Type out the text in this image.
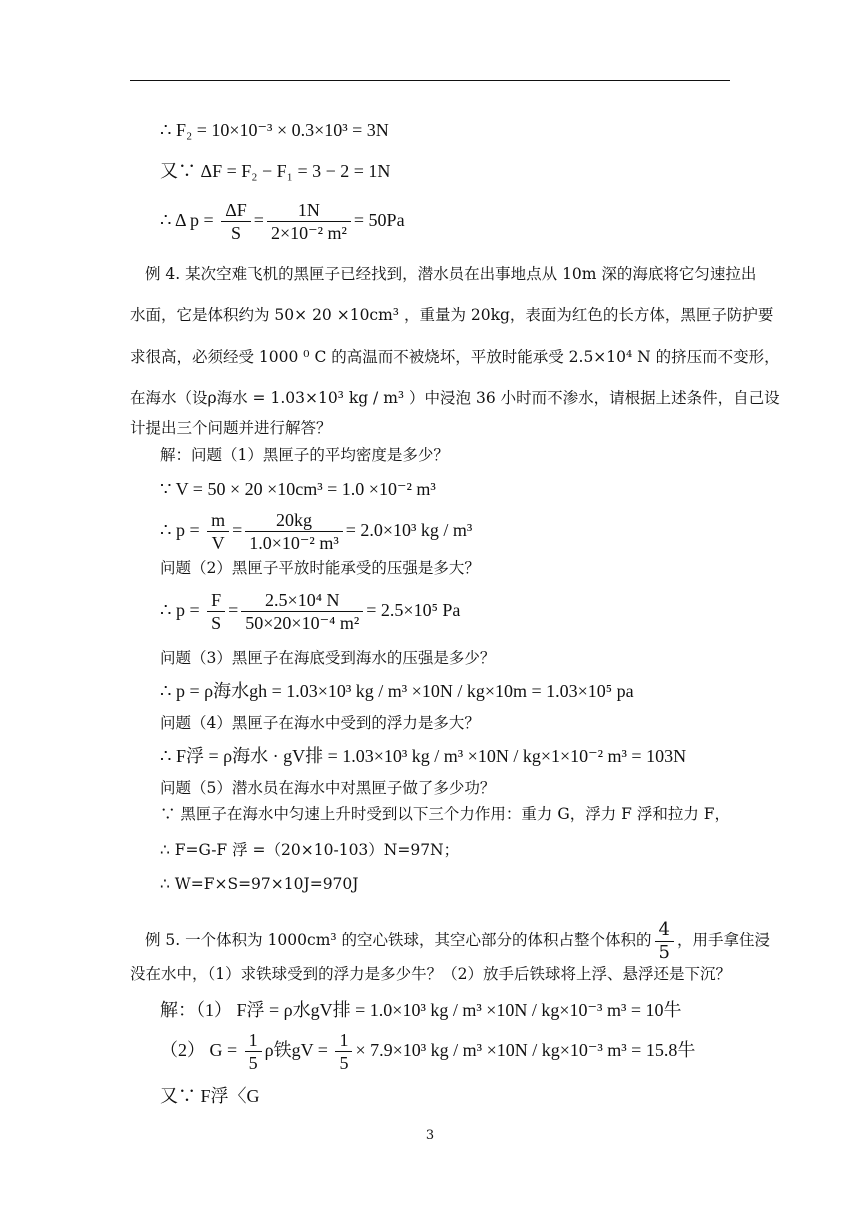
∴ F₂ = 10×10⁻³ × 0.3×10³ = 3N
又∵ ΔF = F₂ − F₁ = 3 − 2 = 1N
∴ Δ $p = \frac{\Delta F}{S} = \frac{1N}{\text{2×10⁻² m²}} = 50Pa$
例 4. 某次空难飞机的黑匣子已经找到，潜水员在出事地点从 10m 深的海底将它匀速拉出
水面，它是体积约为 50× 20 ×10cm³ ，重量为 20kg，表面为红色的长方体，黑匣子防护要
求很高，必须经受 1000 ⁰ C 的高温而不被烧坏，平放时能承受 2.5×10⁴ N 的挤压而不变形，
在海水（设ρ海水 = 1.03×10³ kg / m³ ）中浸泡 36 小时而不渗水，请根据上述条件，自己设
计提出三个问题并进行解答？
解：问题（1）黑匣子的平均密度是多少？
∵ V = 50 × 20 ×10cm³ = 1.0 ×10⁻² m³
∴ $p = \frac{m}{V} = \frac{20kg}{\text{1.0×10⁻² m³}} = 2.0\times 10^3$ kg / m³
问题（2）黑匣子平放时能承受的压强是多大？
∴ $p = \frac{F}{S} = \frac{\text{2.5×10⁴ N}}{\text{50×20×10⁻⁴ m²}} = 2.5\times 10^5$ Pa
问题（3）黑匣子在海底受到海水的压强是多少？
∴ p = ρ海水gh = 1.03×10³ kg / m³ ×10N / kg×10m = 1.03×10⁵ pa
问题（4）黑匣子在海水中受到的浮力是多大？
∴ F浮 = ρ海水 · gV排 = 1.03×10³ kg / m³ ×10N / kg×1×10⁻² m³ = 103N
问题（5）潜水员在海水中对黑匣子做了多少功？
∵ 黑匣子在海水中匀速上升时受到以下三个力作用：重力 G，浮力 F 浮和拉力 F，
∴ F=G-F 浮 =（20×10-103）N=97N；
∴ W=F×S=97×10J=970J
例 5. 一个体积为 1000cm³ 的空心铁球，其空心部分的体积占整个体积的 $\frac{4}{5}$ ，用手拿住浸
没在水中，（1）求铁球受到的浮力是多少牛？（2）放手后铁球将上浮、悬浮还是下沉？
解：（1） F浮 = ρ水gV排 = 1.0×10³ kg / m³ ×10N / kg×10⁻³ m³ = 10牛
（2） $G = \frac{1}{5}$ ρ铁gV = $\frac{1}{5} \times 7.9\times 10^3$ kg / m³ ×10N / kg×10⁻³ m³ = 15.8牛
又∵ F浮〈G
3
